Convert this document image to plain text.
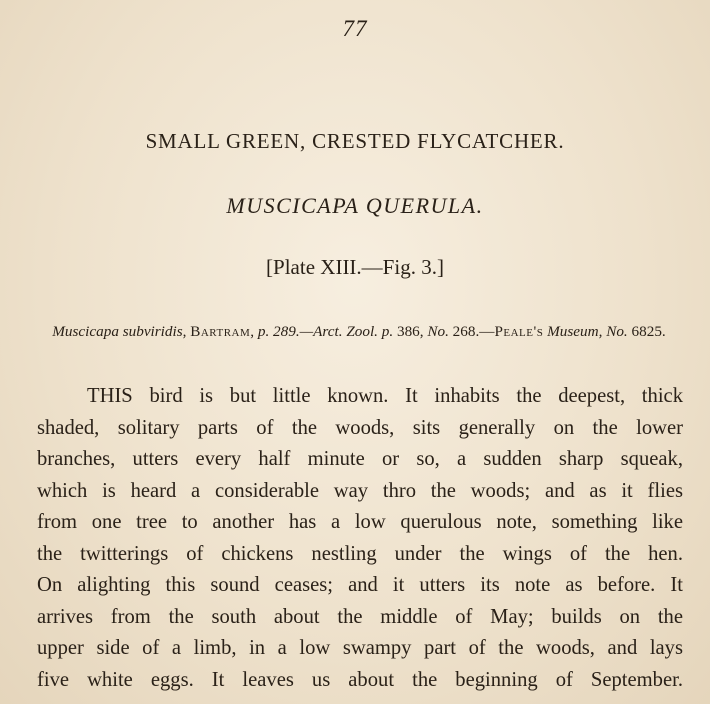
77
SMALL GREEN, CRESTED FLYCATCHER.
MUSCICAPA QUERULA.
[Plate XIII.—Fig. 3.]
Muscicapa subviridis, Bartram, p. 289.—Arct. Zool. p. 386, No. 268.—Peale's Museum, No. 6825.
THIS bird is but little known. It inhabits the deepest, thick
shaded, solitary parts of the woods, sits generally on the lower
branches, utters every half minute or so, a sudden sharp squeak,
which is heard a considerable way thro the woods; and as it flies
from one tree to another has a low querulous note, something like
the twitterings of chickens nestling under the wings of the hen.
On alighting this sound ceases; and it utters its note as before. It
arrives from the south about the middle of May; builds on the
upper side of a limb, in a low swampy part of the woods, and lays
five white eggs. It leaves us about the beginning of September.
